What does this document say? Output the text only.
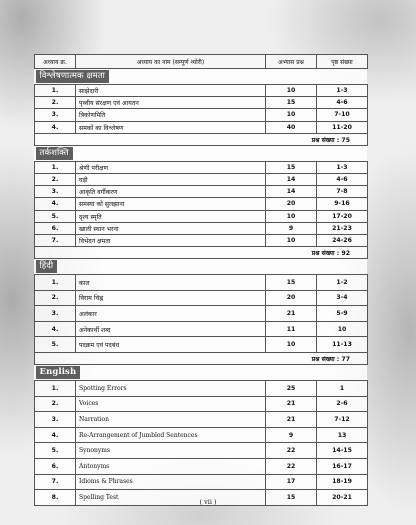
अध्याय क्र.	अध्याय का नाम (सम्पूर्ण थ्योरी)	अभ्यास प्रश्न	पृष्ठ संख्या
विश्लेषणात्मक क्षमता			
1.	साझेदारी	10	1-3
2.	पृथ्वीय संरक्षण एवं आयतन	15	4-6
3.	त्रिकोणमिति	10	7-10
4.	समकों का विश्लेषण	40	11-20

प्रश्न संख्या : 75			

तर्कशक्ति			
1.	श्रेणी परीक्षण	15	1-3
2.	घड़ी	14	4-6
3.	आकृति वर्गीकरण	14	7-8
4.	समस्या को सुलझाना	20	9-16
5.	दृश्य स्मृति	10	17-20
6.	खाली स्थान भरना	9	21-23
7.	विभेदन क्षमता	10	24-26

प्रश्न संख्या : 92			

हिंदी			
1.	काल	15	1-2
2.	विराम चिह्न	20	3-4
3.	अलंकार	21	5-9
4.	अनेकार्थी शब्द	11	10
5.	पदक्रम एवं पदबंध	10	11-13

प्रश्न संख्या : 77			

English			
1.	Spotting Errors	25	1
2.	Voices	21	2-6
3.	Narration	21	7-12
4.	Re-Arrangement of Jumbled Sentences	9	13
5.	Synonyms	22	14-15
6.	Antonyms	22	16-17
7.	Idioms & Phrases	17	18-19
8.	Spelling Test	15	20-21
( vii )
